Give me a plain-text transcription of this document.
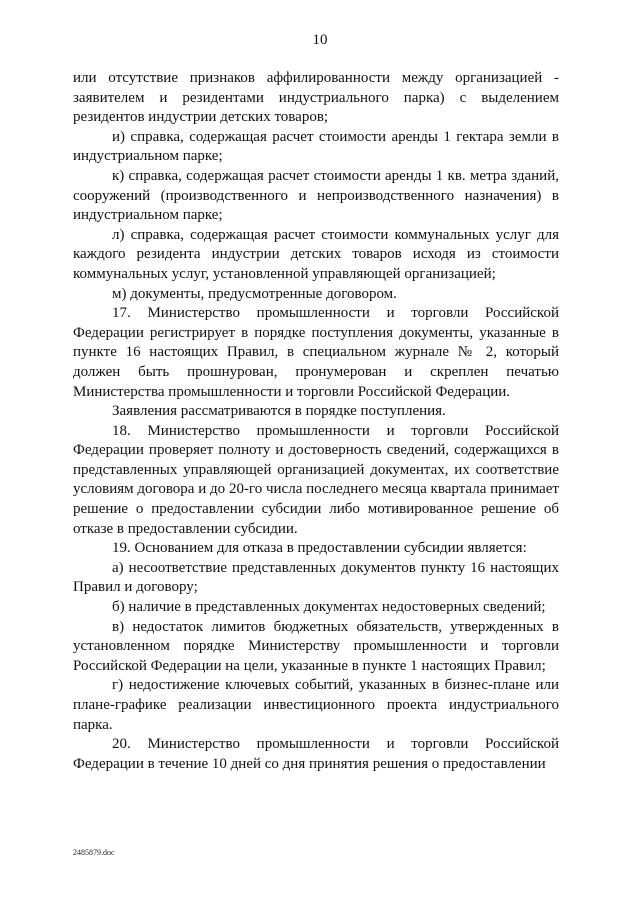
10

или отсутствие признаков аффилированности между организацией - заявителем и резидентами индустриального парка) с выделением резидентов индустрии детских товаров;

и) справка, содержащая расчет стоимости аренды 1 гектара земли в индустриальном парке;

к) справка, содержащая расчет стоимости аренды 1 кв. метра зданий, сооружений (производственного и непроизводственного назначения) в индустриальном парке;

л) справка, содержащая расчет стоимости коммунальных услуг для каждого резидента индустрии детских товаров исходя из стоимости коммунальных услуг, установленной управляющей организацией;

м) документы, предусмотренные договором.

17. Министерство промышленности и торговли Российской Федерации регистрирует в порядке поступления документы, указанные в пункте 16 настоящих Правил, в специальном журнале № 2, который должен быть прошнурован, пронумерован и скреплен печатью Министерства промышленности и торговли Российской Федерации.

Заявления рассматриваются в порядке поступления.

18. Министерство промышленности и торговли Российской Федерации проверяет полноту и достоверность сведений, содержащихся в представленных управляющей организацией документах, их соответствие условиям договора и до 20-го числа последнего месяца квартала принимает решение о предоставлении субсидии либо мотивированное решение об отказе в предоставлении субсидии.

19. Основанием для отказа в предоставлении субсидии является:

а) несоответствие представленных документов пункту 16 настоящих Правил и договору;

б) наличие в представленных документах недостоверных сведений;

в) недостаток лимитов бюджетных обязательств, утвержденных в установленном порядке Министерству промышленности и торговли Российской Федерации на цели, указанные в пункте 1 настоящих Правил;

г) недостижение ключевых событий, указанных в бизнес-плане или плане-графике реализации инвестиционного проекта индустриального парка.

20. Министерство промышленности и торговли Российской Федерации в течение 10 дней со дня принятия решения о предоставлении

2485879.doc
